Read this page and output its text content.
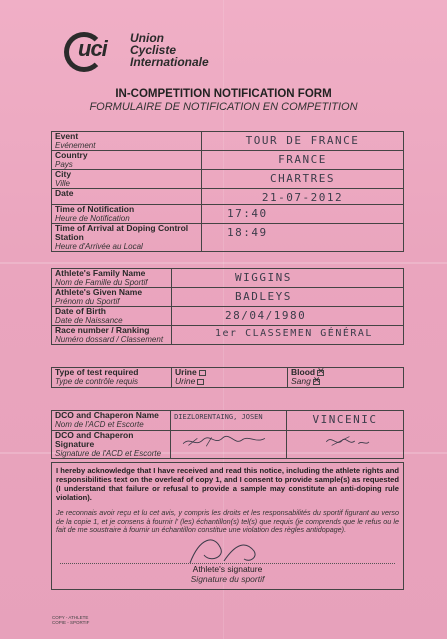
uci Union
Cycliste
Internationale
IN-COMPETITION NOTIFICATION FORM
FORMULAIRE DE NOTIFICATION EN COMPETITION
Event
Evénement	TOUR DE FRANCE

Country
Pays	FRANCE

City
Ville	CHARTRES

Date	21-07-2012

Time of Notification
Heure de Notification	17:40

Time of Arrival at Doping Control Station
Heure d'Arrivée au Local	18:49
Athlete's Family Name
Nom de Famille du Sportif	WIGGINS

Athlete's Given Name
Prénom du Sportif	BADLEYS

Date of Birth
Date de Naissance	28/04/1980

Race number / Ranking
Numéro dossard / Classement	1er CLASSEMEN GÉNÉRAL
Type of test required
Type de contrôle requis

Urine
Urine

Blood✕
Sang✕
DCO and Chaperon Name
Nom de l'ACD et Escorte	DIEZLORENTAING, JOSEN	VINCENIC

DCO and Chaperon Signature
Signature de l'ACD et Escorte

I hereby acknowledge that I have received and read this notice, including the athlete rights and responsibilities text on the overleaf of copy 1, and I consent to provide sample(s) as requested (I understand that failure or refusal to provide a sample may constitute an anti-doping rule violation).
Je reconnais avoir reçu et lu cet avis, y compris les droits et les responsabilités du sportif figurant au verso de la copie 1, et je consens à fournir l' (les) échantillon(s) tel(s) que requis (je comprends que le refus ou le fait de me soustraire à fournir un échantillon constitue une violation des règles antidopage).
Athlete's signature
Signature du sportif
COPY - ATHLETE
COPIE - SPORTIF
